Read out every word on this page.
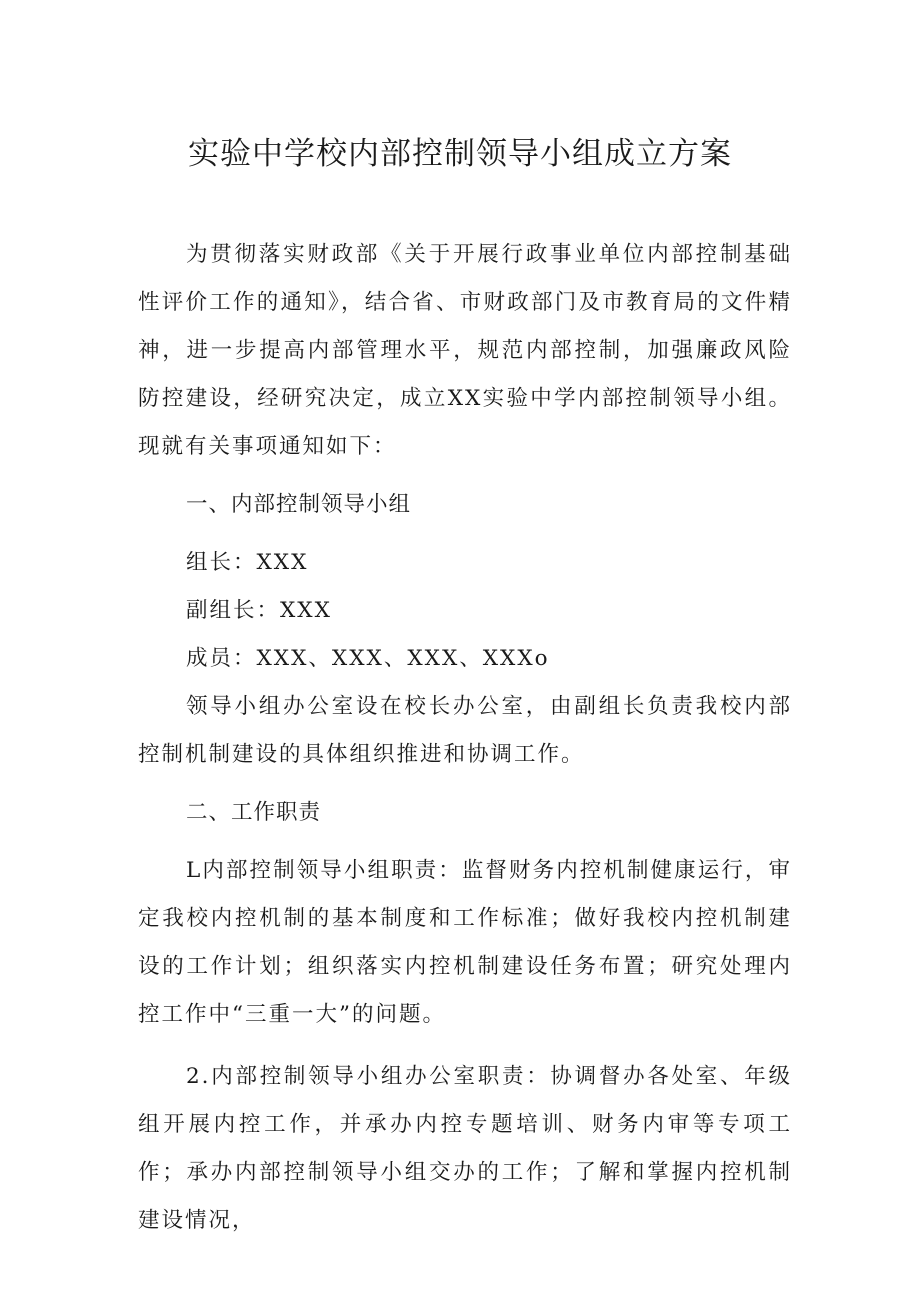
实验中学校内部控制领导小组成立方案

为贯彻落实财政部《关于开展行政事业单位内部控制基础性评价工作的通知》，结合省、市财政部门及市教育局的文件精神，进一步提高内部管理水平，规范内部控制，加强廉政风险防控建设，经研究决定，成立XX实验中学内部控制领导小组。现就有关事项通知如下：

一、内部控制领导小组

组长：XXX

副组长：XXX

成员：XXX、XXX、XXX、XXXo

领导小组办公室设在校长办公室，由副组长负责我校内部控制机制建设的具体组织推进和协调工作。

二、工作职责

L内部控制领导小组职责：监督财务内控机制健康运行，审定我校内控机制的基本制度和工作标准；做好我校内控机制建设的工作计划；组织落实内控机制建设任务布置；研究处理内控工作中“三重一大”的问题。

2.内部控制领导小组办公室职责：协调督办各处室、年级组开展内控工作，并承办内控专题培训、财务内审等专项工作；承办内部控制领导小组交办的工作；了解和掌握内控机制建设情况，
